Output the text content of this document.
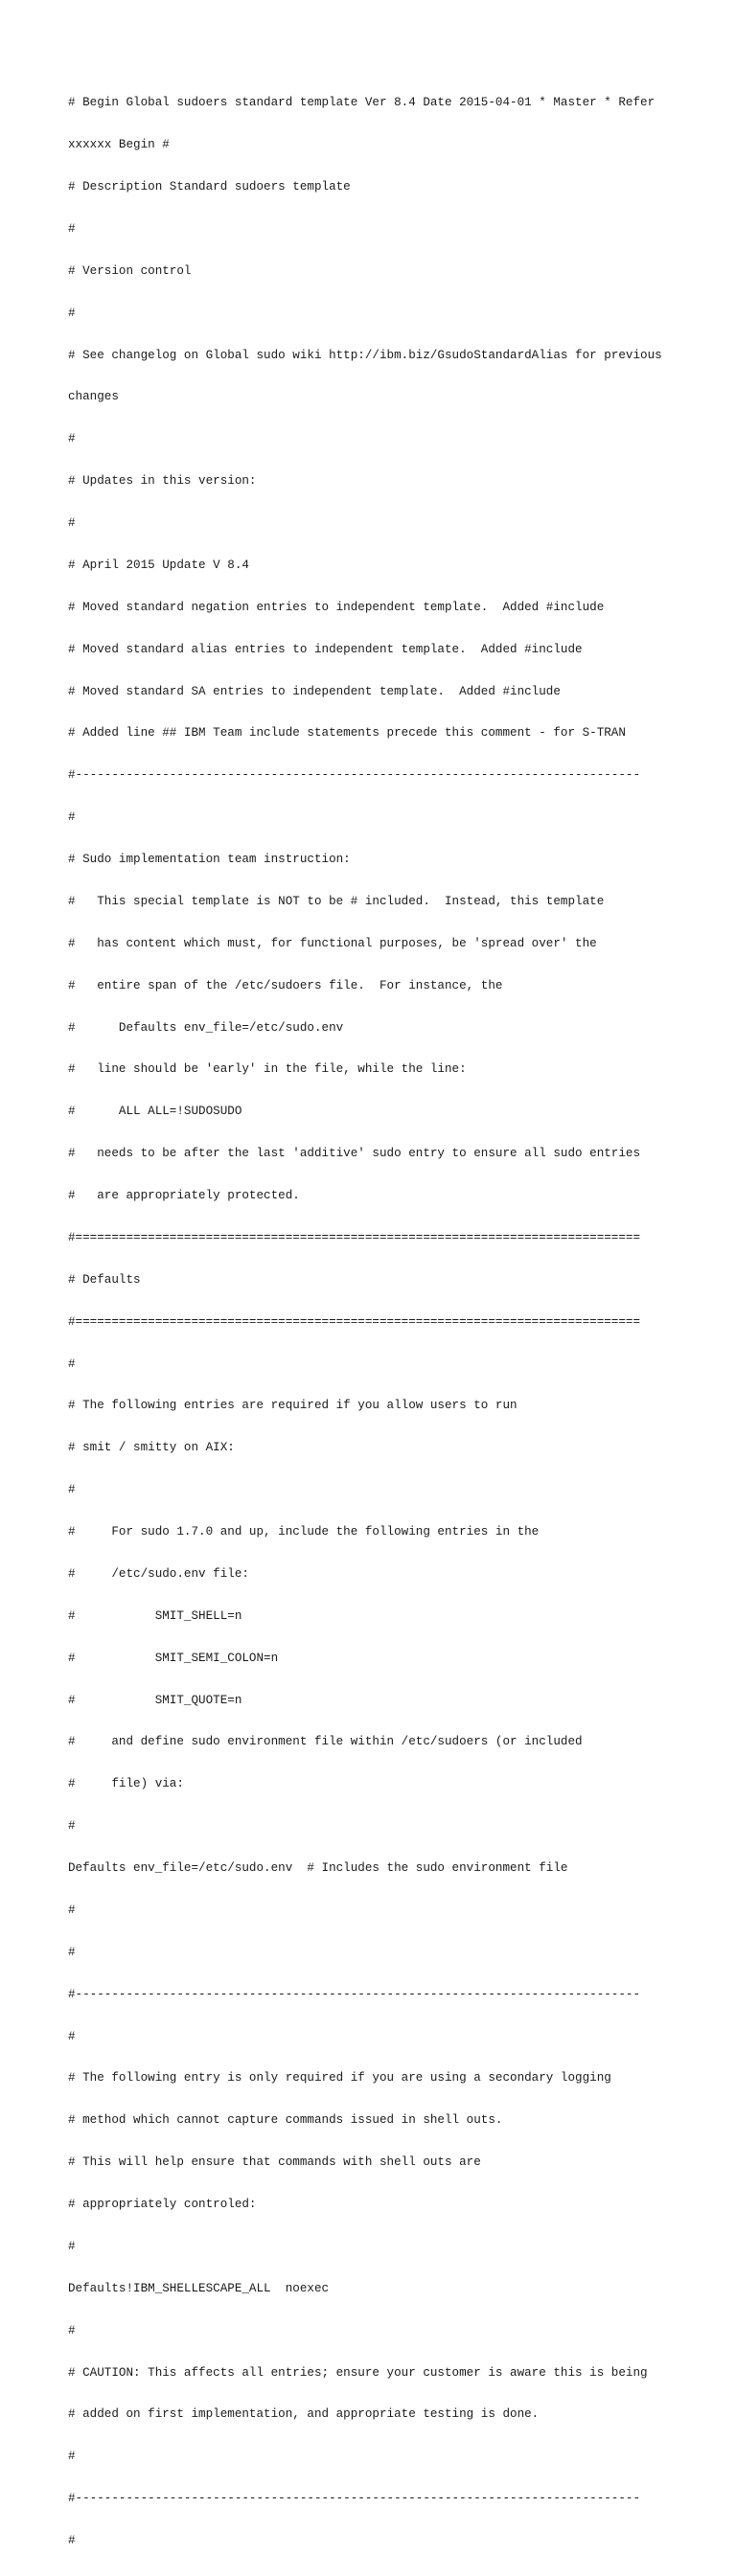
# Begin Global sudoers standard template Ver 8.4 Date 2015-04-01 * Master * Refer

xxxxxx Begin #

# Description Standard sudoers template

#

# Version control

#

# See changelog on Global sudo wiki http://ibm.biz/GsudoStandardAlias for previous

changes

#

# Updates in this version:

#

# April 2015 Update V 8.4

# Moved standard negation entries to independent template.  Added #include

# Moved standard alias entries to independent template.  Added #include

# Moved standard SA entries to independent template.  Added #include

# Added line ## IBM Team include statements precede this comment - for S-TRAN

#------------------------------------------------------------------------------

#

# Sudo implementation team instruction:

#   This special template is NOT to be # included.  Instead, this template

#   has content which must, for functional purposes, be 'spread over' the

#   entire span of the /etc/sudoers file.  For instance, the

#      Defaults env_file=/etc/sudo.env

#   line should be 'early' in the file, while the line:

#      ALL ALL=!SUDOSUDO

#   needs to be after the last 'additive' sudo entry to ensure all sudo entries

#   are appropriately protected.

#==============================================================================

# Defaults

#==============================================================================

#

# The following entries are required if you allow users to run

# smit / smitty on AIX:

#

#     For sudo 1.7.0 and up, include the following entries in the

#     /etc/sudo.env file:

#           SMIT_SHELL=n

#           SMIT_SEMI_COLON=n

#           SMIT_QUOTE=n

#     and define sudo environment file within /etc/sudoers (or included

#     file) via:

#

Defaults env_file=/etc/sudo.env  # Includes the sudo environment file

#

#

#------------------------------------------------------------------------------

#

# The following entry is only required if you are using a secondary logging

# method which cannot capture commands issued in shell outs.

# This will help ensure that commands with shell outs are

# appropriately controled:

#

Defaults!IBM_SHELLESCAPE_ALL  noexec

#

# CAUTION: This affects all entries; ensure your customer is aware this is being

# added on first implementation, and appropriate testing is done.

#

#------------------------------------------------------------------------------

#
